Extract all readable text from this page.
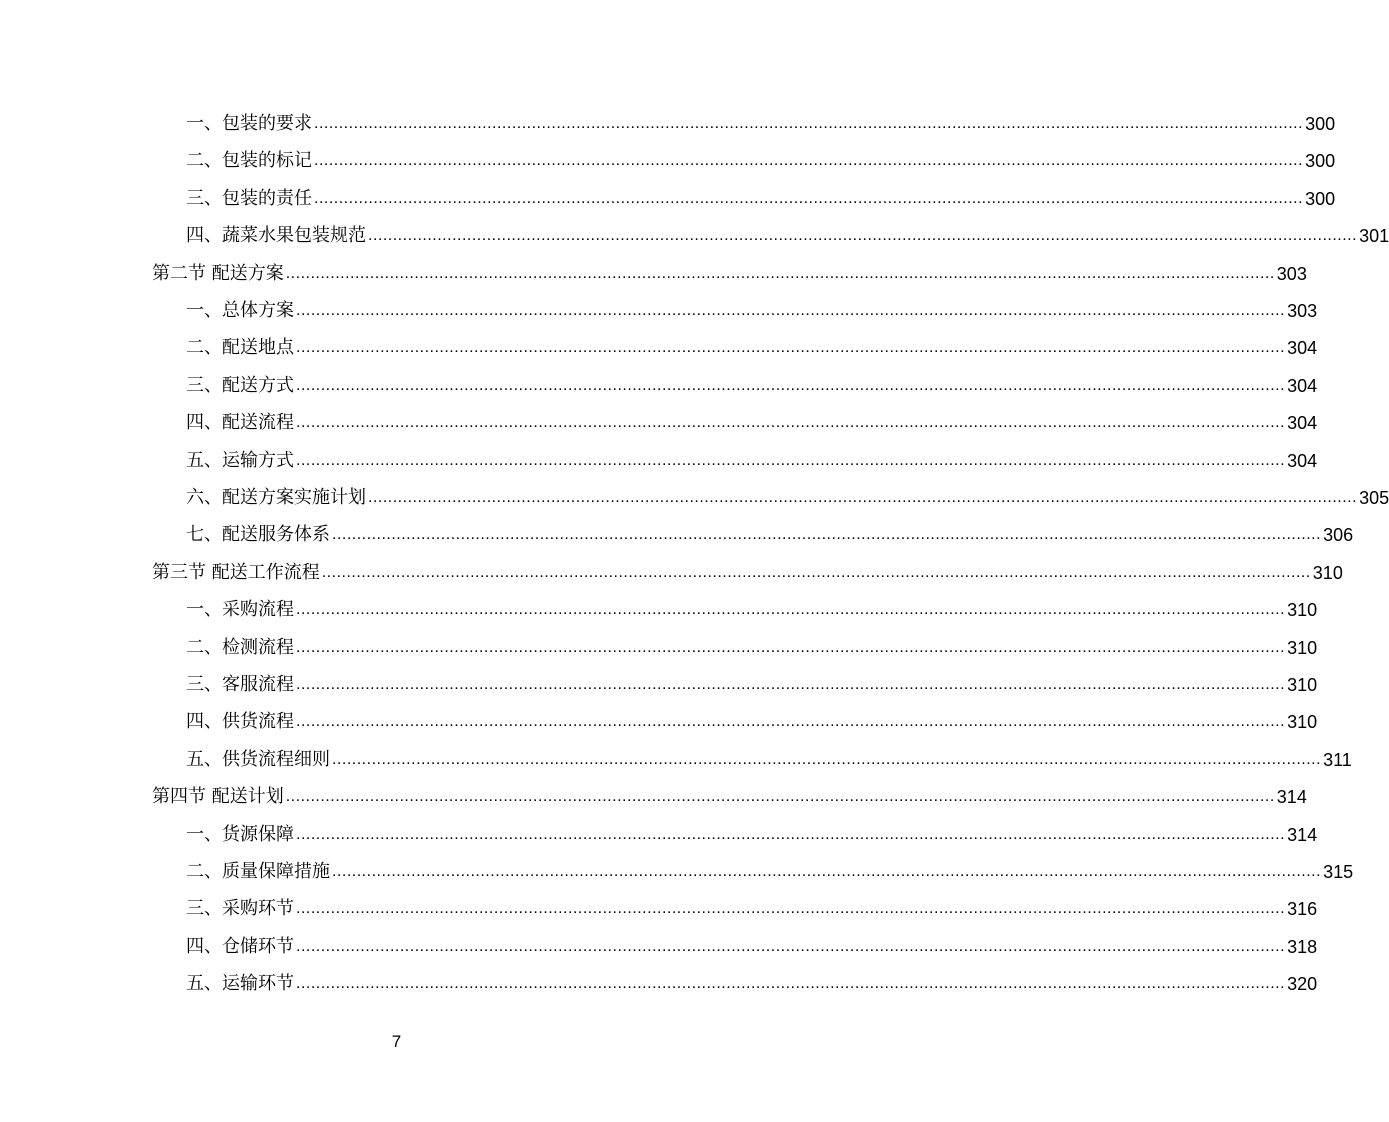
一、包装的要求 ........................................................................................................................................................................................................ 300
二、包装的标记 ........................................................................................................................................................................................................ 300
三、包装的责任 ........................................................................................................................................................................................................ 300
四、蔬菜水果包装规范 ........................................................................................................................................................................................................ 301
第二节 配送方案 ........................................................................................................................................................................................................ 303
一、总体方案 ........................................................................................................................................................................................................ 303
二、配送地点 ........................................................................................................................................................................................................ 304
三、配送方式 ........................................................................................................................................................................................................ 304
四、配送流程 ........................................................................................................................................................................................................ 304
五、运输方式 ........................................................................................................................................................................................................ 304
六、配送方案实施计划 ........................................................................................................................................................................................................ 305
七、配送服务体系 ........................................................................................................................................................................................................ 306
第三节 配送工作流程 ........................................................................................................................................................................................................ 310
一、采购流程 ........................................................................................................................................................................................................ 310
二、检测流程 ........................................................................................................................................................................................................ 310
三、客服流程 ........................................................................................................................................................................................................ 310
四、供货流程 ........................................................................................................................................................................................................ 310
五、供货流程细则 ........................................................................................................................................................................................................ 311
第四节 配送计划 ........................................................................................................................................................................................................ 314
一、货源保障 ........................................................................................................................................................................................................ 314
二、质量保障措施 ........................................................................................................................................................................................................ 315
三、采购环节 ........................................................................................................................................................................................................ 316
四、仓储环节 ........................................................................................................................................................................................................ 318
五、运输环节 ........................................................................................................................................................................................................ 320
7
